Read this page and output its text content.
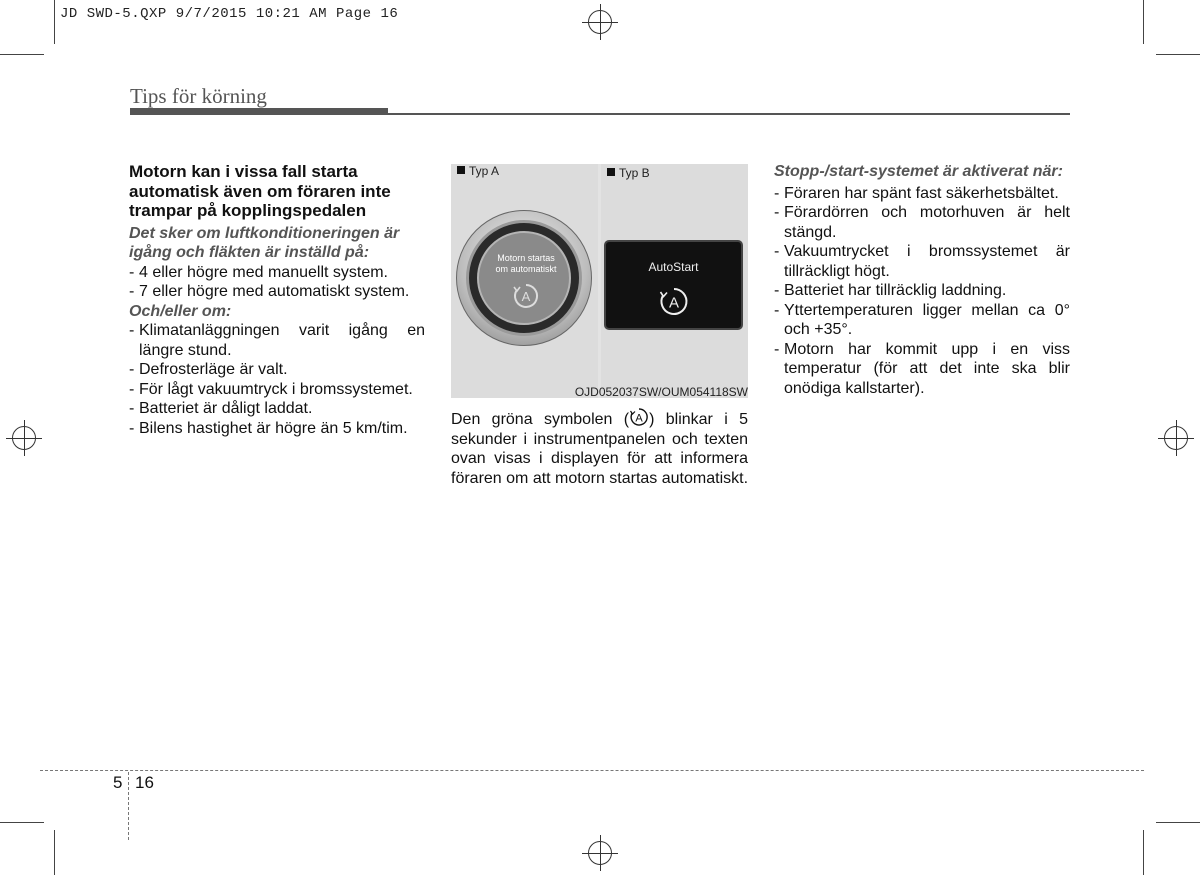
JD SWD-5.QXP 9/7/2015 10:21 AM Page 16
Tips för körning
Motorn kan i vissa fall starta automatisk även om föraren inte trampar på kopplingspedalen
Det sker om luftkonditioneringen är igång och fläkten är inställd på:
- 4 eller högre med manuellt system.
- 7 eller högre med automatiskt system.
Och/eller om:
- Klimatanläggningen varit igång en längre stund.
- Defrosterläge är valt.
- För lågt vakuumtryck i bromssystemet.
- Batteriet är dåligt laddat.
- Bilens hastighet är högre än 5 km/tim.
Typ A
Motorn startas
om automatiskt
A
Typ B
AutoStart
A
OJD052037SW/OUM054118SW
Den gröna symbolen ( A ) blinkar i 5 sekunder i instrumentpanelen och texten ovan visas i displayen för att informera föraren om att motorn startas automatiskt.
Stopp-/start-systemet är aktiverat när:
- Föraren har spänt fast säkerhetsbältet.
- Förardörren och motorhuven är helt stängd.
- Vakuumtrycket i bromssystemet är tillräckligt högt.
- Batteriet har tillräcklig laddning.
- Yttertemperaturen ligger mellan ca 0° och +35°.
- Motorn har kommit upp i en viss temperatur (för att det inte ska blir onödiga kallstarter).
5 16
